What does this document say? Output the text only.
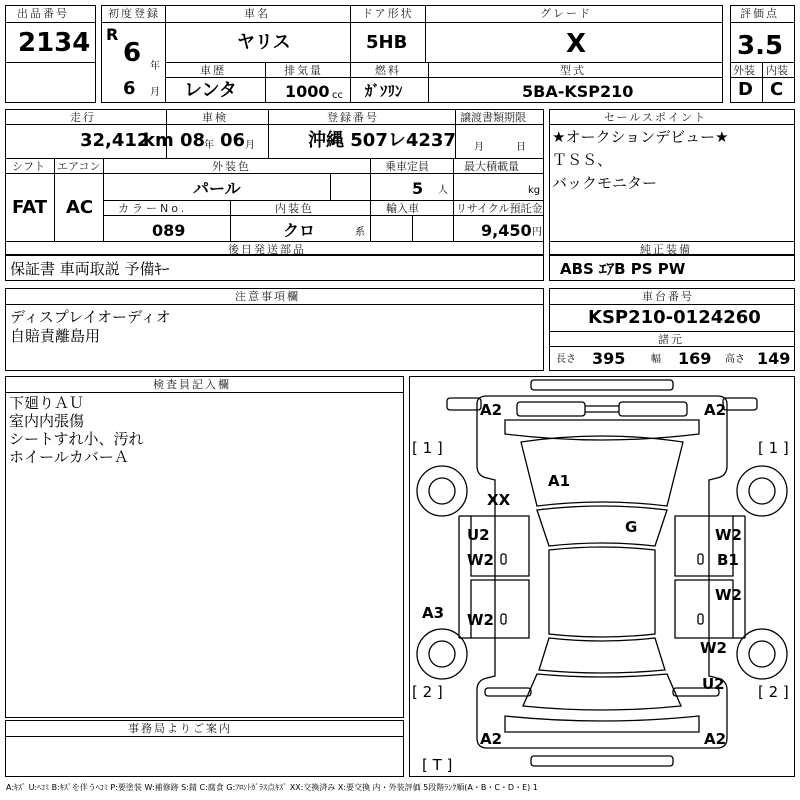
出品番号
2134
初度登録
R
6 年
6 月
車名
ヤリス
ドア形状
5HB
グレード
X
車歴
レンタ
排気量
1000 cc
燃料
ｶﾞｿﾘﾝ
型式
5BA-KSP210
評価点
3.5
外装 内装
D C
走行
32,412
km
車検
08
年 06 月
登録番号
沖縄 507レ4237
譲渡書類期限
月	日
シフト
FAT
エアコン
AC
外装色
パール
乗車定員
5 人
最大積載量
kg
カラーNo.
089
内装色
クロ	系
輸入車	リサイクル預託金
9,450 円
後日発送部品
セールスポイント
★オークションデビュー★
ＴＳＳ、
バックモニター
純正装備
保証書 車両取説 予備ｷｰ	ABS ｴｱB PS PW
注意事項欄
ディスプレイオーディオ
自賠責離島用
車台番号
KSP210-0124260
諸元
長さ 395	幅 169 高さ 149
検査員記入欄
下廻りＡＵ
室内内張傷
シートすれ小、汚れ
ホイールカバーＡ
事務局よりご案内
A2	A2
[ 1 ]	[ 1 ]
A1
XX
G
U2
W2
W2
B1
A3 W2
W2
W2
U2
[ 2 ]	[ 2 ]
A2	A2
[ T ]
A:ｷｽﾞ U:ﾍｺﾐ B:ｷｽﾞを伴うﾍｺﾐ P:要塗装 W:補修跡 S:錆 C:腐食 G:ﾌﾛﾝﾄｶﾞﾗｽ点ｷｽﾞ XX:交換済み X:要交換 内・外装評価 5段階ﾗﾝｸ順(A・B・C・D・E) 1
